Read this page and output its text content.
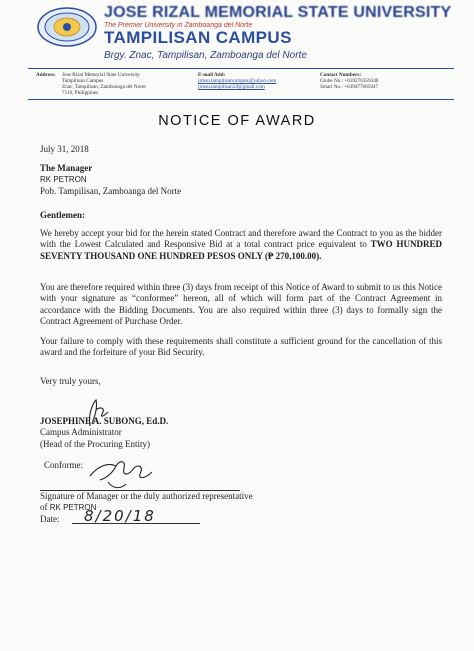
JOSE RIZAL MEMORIAL STATE UNIVERSITY
The Premier University in Zamboanga del Norte
TAMPILISAN CAMPUS
Brgy. Znac, Tampilisan, Zamboanga del Norte
Address: Jose Rizal Memorial State University
Tampilisan Campus
Znac, Tampilisan, Zamboanga del Norte
7116, Philippines
E-mail Add:
jrmsu.tampilisancampus@yahoo.com
jrmsu.tampilisan58@gmail.com
Contact Numbers:
Globe No.: +639276359340
Smart No.: +639477605947
NOTICE OF AWARD
July 31, 2018
The Manager
RK PETRON
Pob. Tampilisan, Zamboanga del Norte
Gentlemen:
We hereby accept your bid for the herein stated Contract and therefore award the Contract to you as the bidder with the Lowest Calculated and Responsive Bid at a total contract price equivalent to TWO HUNDRED SEVENTY THOUSAND ONE HUNDRED PESOS ONLY (₱ 270,100.00).
You are therefore required within three (3) days from receipt of this Notice of Award to submit to us this Notice with your signature as “conformee” hereon, all of which will form part of the Contract Agreement in accordance with the Bidding Documents. You are also required within three (3) days to formally sign the Contract Agreement of Purchase Order.
Your failure to comply with these requirements shall constitute a sufficient ground for the cancellation of this award and the forfeiture of your Bid Security.
Very truly yours,
JOSEPHINE A. SUBONG, Ed.D.
Campus Administrator
(Head of the Procuring Entity)
Conforme:
Signature of Manager or the duly authorized representative
of RK PETRON
Date:	8/20/18
